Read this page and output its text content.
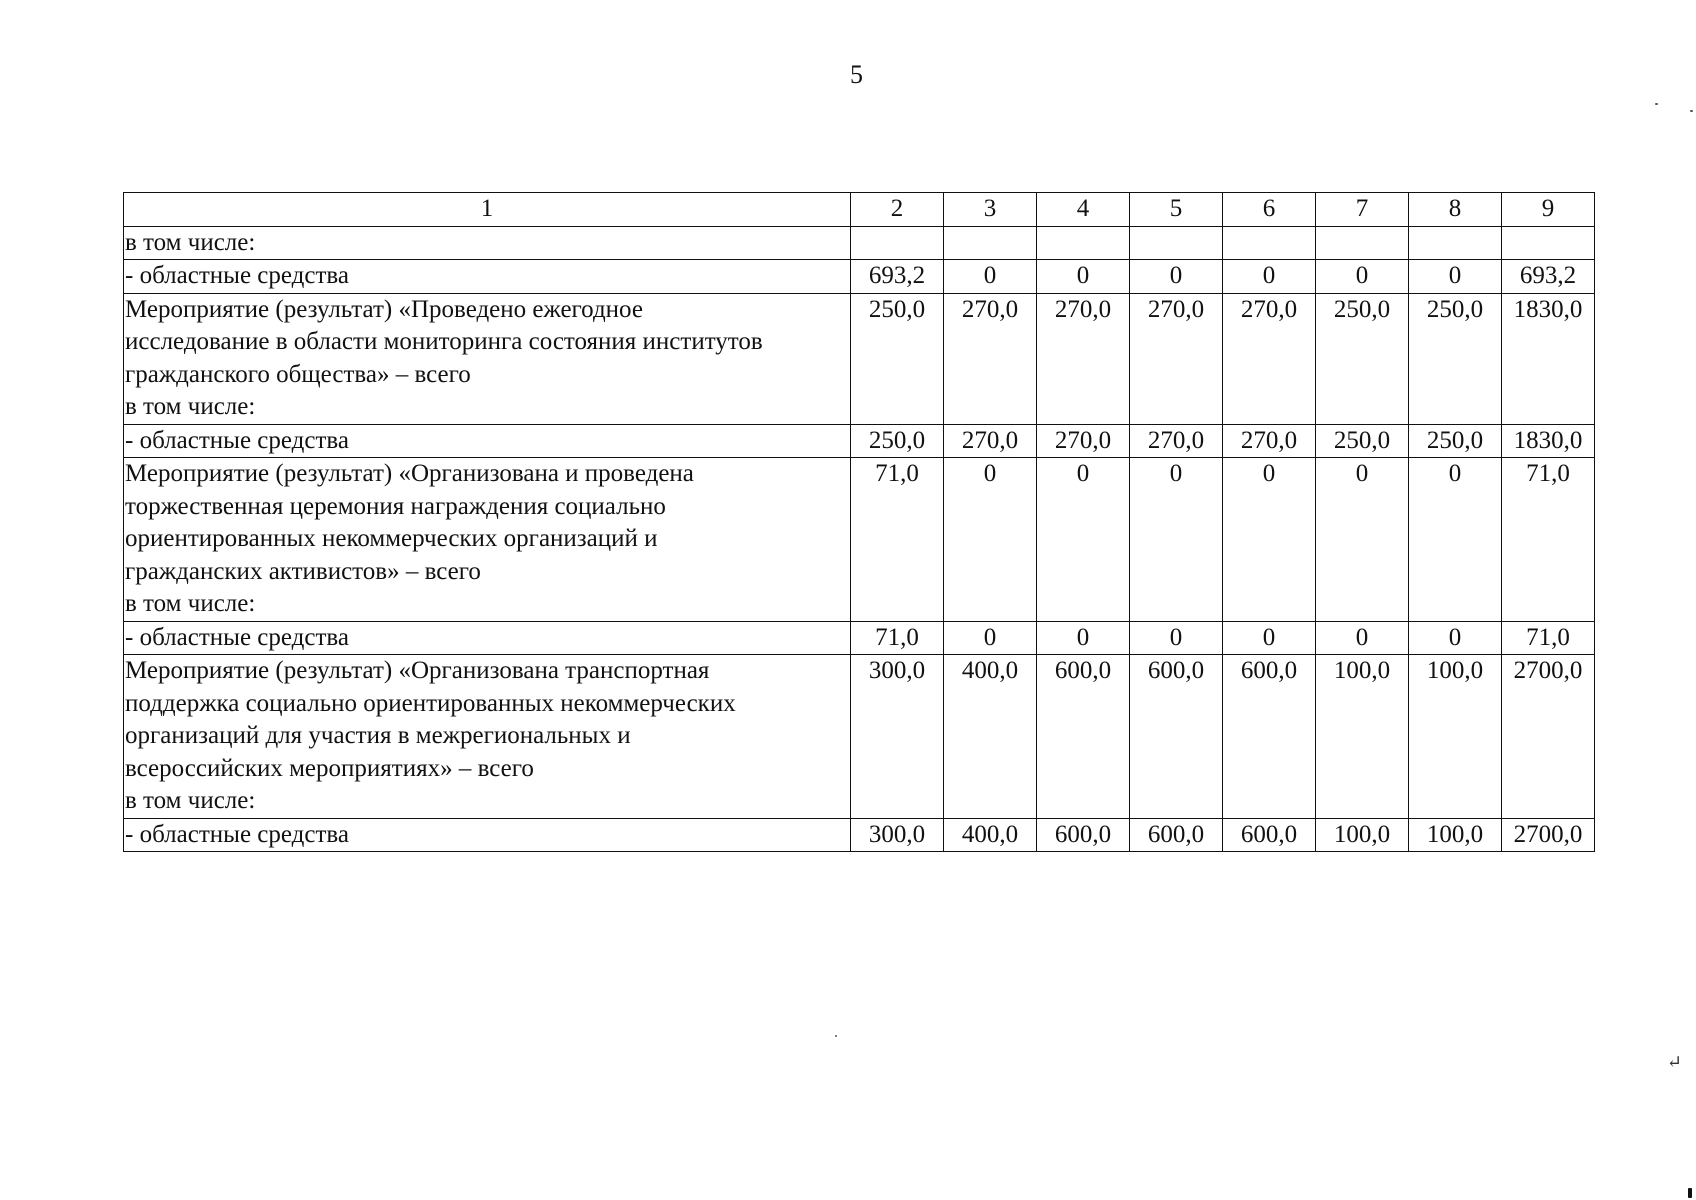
5
1	2	3	4	5	6	7	8	9

в том числе:								

- областные средства	693,2	0	0	0	0	0	0	693,2

Мероприятие (результат) «Проведено ежегодное
исследование в области мониторинга состояния институтов
гражданского общества» – всего
в том числе:	250,0	270,0	270,0	270,0	270,0	250,0	250,0	1830,0

- областные средства	250,0	270,0	270,0	270,0	270,0	250,0	250,0	1830,0

Мероприятие (результат) «Организована и проведена
торжественная церемония награждения социально
ориентированных некоммерческих организаций и
гражданских активистов» – всего
в том числе:	71,0	0	0	0	0	0	0	71,0

- областные средства	71,0	0	0	0	0	0	0	71,0

Мероприятие (результат) «Организована транспортная
поддержка социально ориентированных некоммерческих
организаций для участия в межрегиональных и
всероссийских мероприятиях» – всего
в том числе:	300,0	400,0	600,0	600,0	600,0	100,0	100,0	2700,0

- областные средства	300,0	400,0	600,0	600,0	600,0	100,0	100,0	2700,0
↵
